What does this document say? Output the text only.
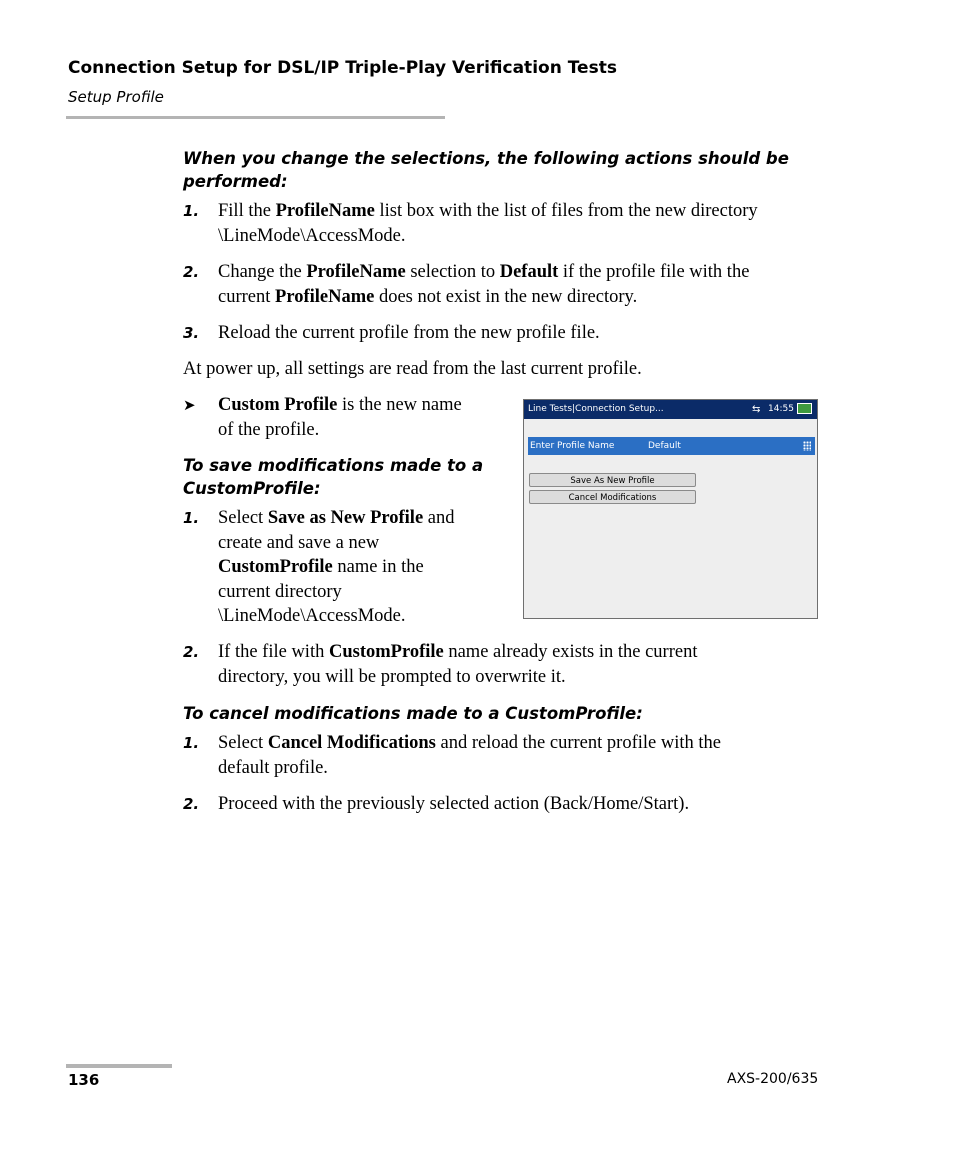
Connection Setup for DSL/IP Triple-Play Verification Tests
Setup Profile
When you change the selections, the following actions should be
performed:
1. Fill the ProfileName list box with the list of files from the new directory
\LineMode\AccessMode.
2. Change the ProfileName selection to Default if the profile file with the
current ProfileName does not exist in the new directory.
3. Reload the current profile from the new profile file.
At power up, all settings are read from the last current profile.
➤ Custom Profile is the new name
of the profile.
To save modifications made to a
CustomProfile:
1. Select Save as New Profile and
create and save a new
CustomProfile name in the
current directory
\LineMode\AccessMode.
Line Tests|Connection Setup...	⇆ 14:55
Enter Profile Name	Default
Save As New Profile
Cancel Modifications
2. If the file with CustomProfile name already exists in the current
directory, you will be prompted to overwrite it.
To cancel modifications made to a CustomProfile:
1. Select Cancel Modifications and reload the current profile with the
default profile.
2. Proceed with the previously selected action (Back/Home/Start).
136	AXS-200/635
